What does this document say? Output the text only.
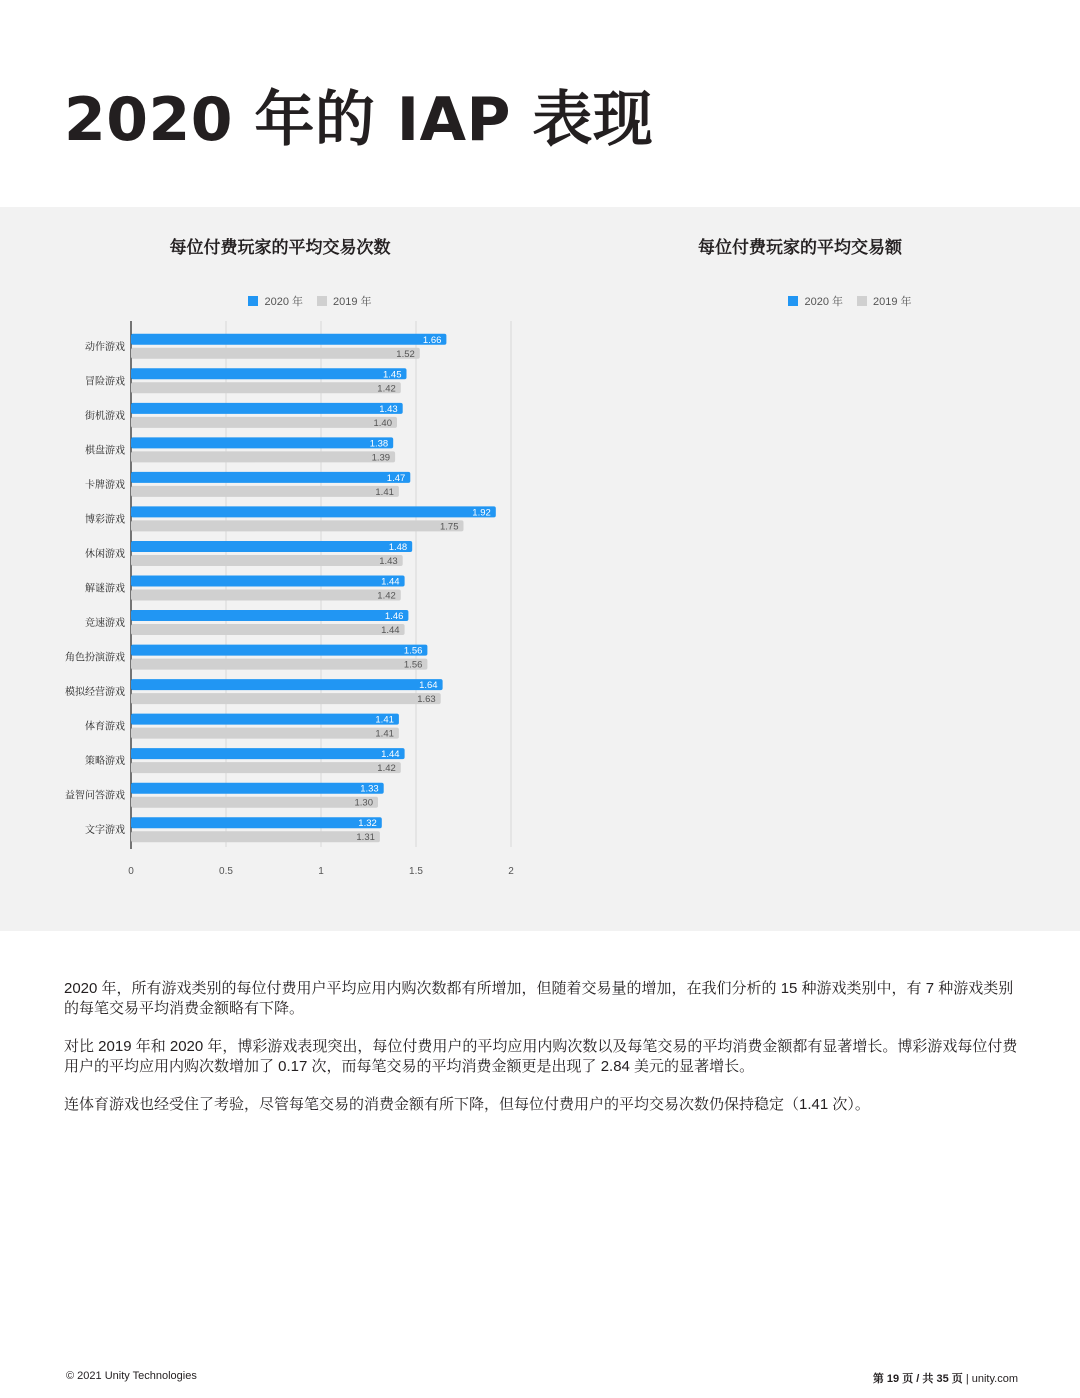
2020 年的 IAP 表现
每位付费玩家的平均交易次数
2020 年	2019 年
0	0.5	1	1.5	2
动作游戏
1.66
1.52
冒险游戏
1.45
1.42
街机游戏
1.43
1.40
棋盘游戏
1.38
1.39
卡牌游戏
1.47
1.41
博彩游戏
1.92
1.75
休闲游戏
1.48
1.43
解谜游戏
1.44
1.42
竞速游戏
1.46
1.44
角色扮演游戏
1.56
1.56
模拟经营游戏
1.64
1.63
体育游戏
1.41
1.41
策略游戏
1.44
1.42
益智问答游戏
1.33
1.30
文字游戏
1.32
1.31
每位付费玩家的平均交易额
2020 年	2019 年

2020 年，所有游戏类别的每位付费用户平均应用内购次数都有所增加，但随着交易量的增加，在我们分析的 15 种游戏类别中，有 7 种游戏类别的每笔交易平均消费金额略有下降。

对比 2019 年和 2020 年，博彩游戏表现突出，每位付费用户的平均应用内购次数以及每笔交易的平均消费金额都有显著增长。博彩游戏每位付费用户的平均应用内购次数增加了 0.17 次，而每笔交易的平均消费金额更是出现了 2.84 美元的显著增长。

连体育游戏也经受住了考验，尽管每笔交易的消费金额有所下降，但每位付费用户的平均交易次数仍保持稳定（1.41 次）。

© 2021 Unity Technologies	第 19 页 / 共 35 页 | unity.com
